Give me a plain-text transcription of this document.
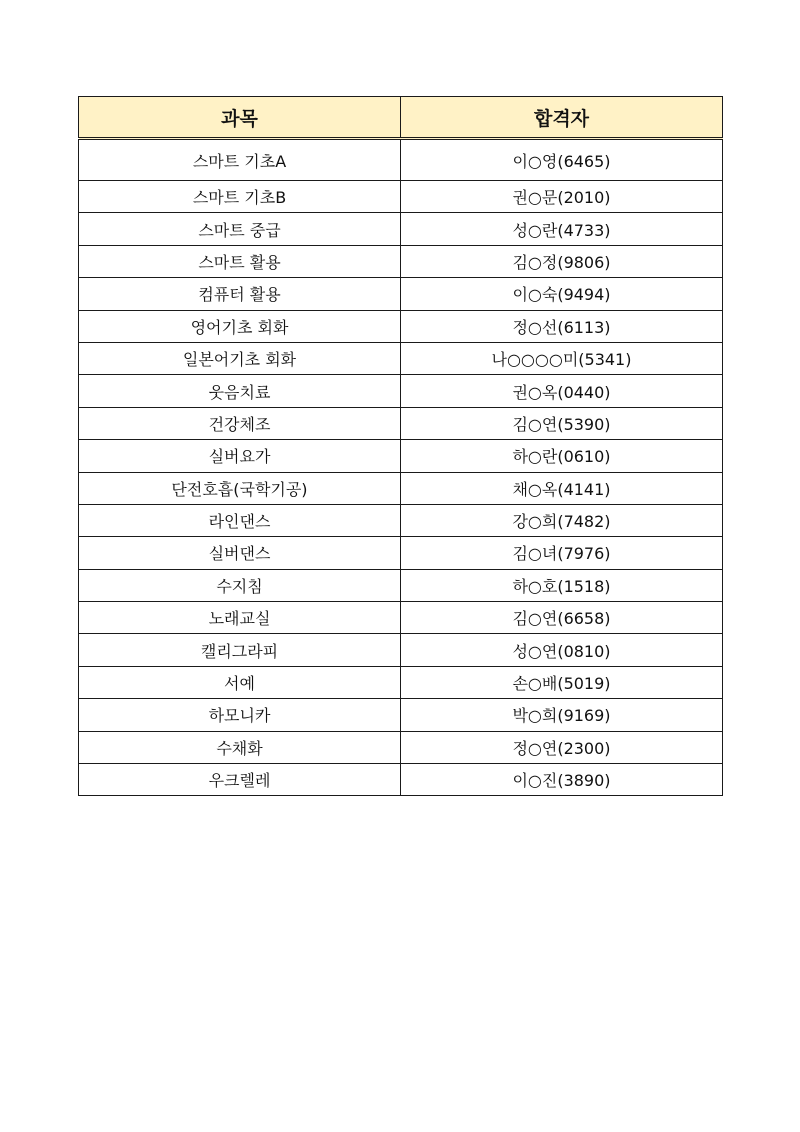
과목	합격자
스마트 기초A	이○영(6465)
스마트 기초B	권○문(2010)
스마트 중급	성○란(4733)
스마트 활용	김○정(9806)
컴퓨터 활용	이○숙(9494)
영어기초 회화	정○선(6113)
일본어기초 회화	나○○○○미(5341)
웃음치료	권○옥(0440)
건강체조	김○연(5390)
실버요가	하○란(0610)
단전호흡(국학기공)	채○옥(4141)
라인댄스	강○희(7482)
실버댄스	김○녀(7976)
수지침	하○호(1518)
노래교실	김○연(6658)
캘리그라피	성○연(0810)
서예	손○배(5019)
하모니카	박○희(9169)
수채화	정○연(2300)
우크렐레	이○진(3890)
